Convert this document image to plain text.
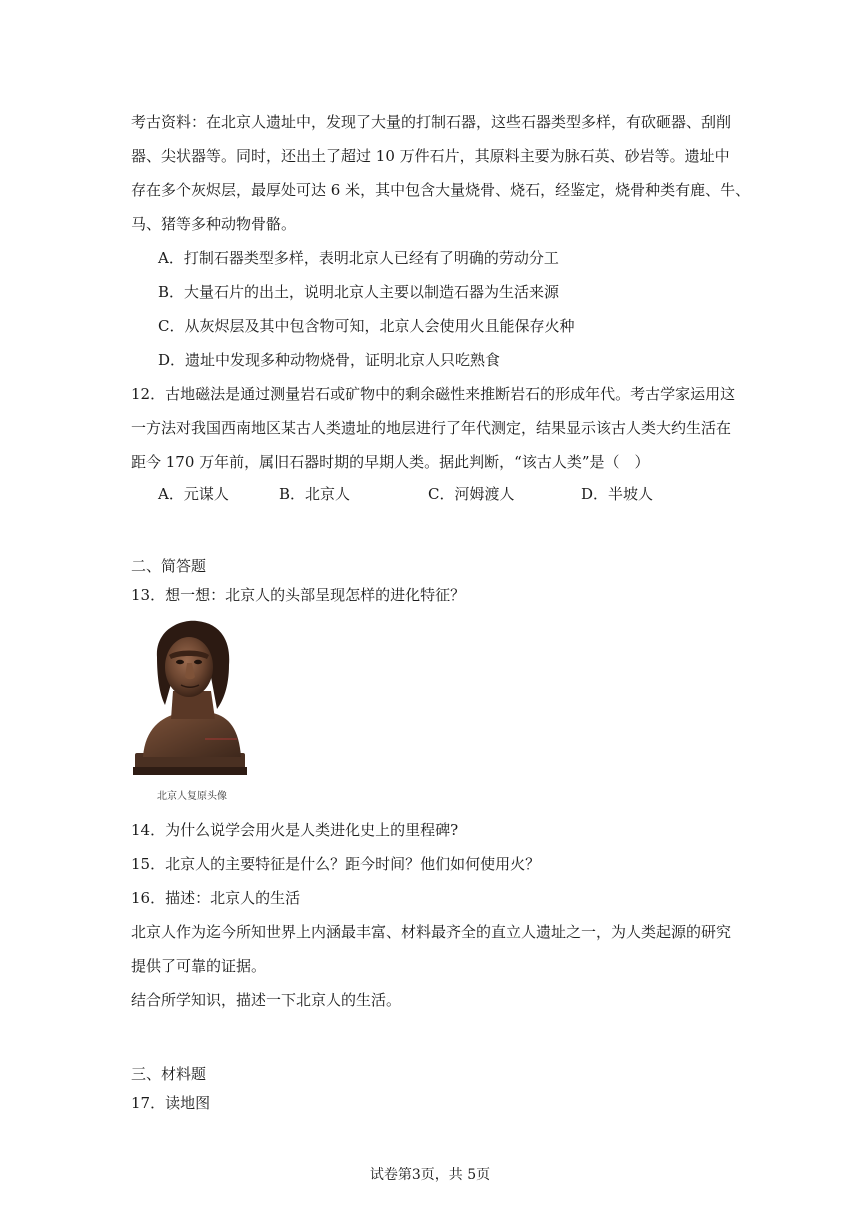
考古资料：在北京人遗址中，发现了大量的打制石器，这些石器类型多样，有砍砸器、刮削
器、尖状器等。同时，还出土了超过 10 万件石片，其原料主要为脉石英、砂岩等。遗址中
存在多个灰烬层，最厚处可达 6 米，其中包含大量烧骨、烧石，经鉴定，烧骨种类有鹿、牛、
马、猪等多种动物骨骼。
A．打制石器类型多样，表明北京人已经有了明确的劳动分工
B．大量石片的出土，说明北京人主要以制造石器为生活来源
C．从灰烬层及其中包含物可知，北京人会使用火且能保存火种
D．遗址中发现多种动物烧骨，证明北京人只吃熟食
12．古地磁法是通过测量岩石或矿物中的剩余磁性来推断岩石的形成年代。考古学家运用这
一方法对我国西南地区某古人类遗址的地层进行了年代测定，结果显示该古人类大约生活在
距今 170 万年前，属旧石器时期的早期人类。据此判断，“该古人类”是（　）
A．元谋人	B．北京人	C．河姆渡人	D．半坡人
二、简答题
13．想一想：北京人的头部呈现怎样的进化特征？
北京人复原头像
14．为什么说学会用火是人类进化史上的里程碑?
15．北京人的主要特征是什么？距今时间？他们如何使用火？
16．描述：北京人的生活
北京人作为迄今所知世界上内涵最丰富、材料最齐全的直立人遗址之一，为人类起源的研究
提供了可靠的证据。
结合所学知识，描述一下北京人的生活。
三、材料题
17．读地图
试卷第3页，共 5页
